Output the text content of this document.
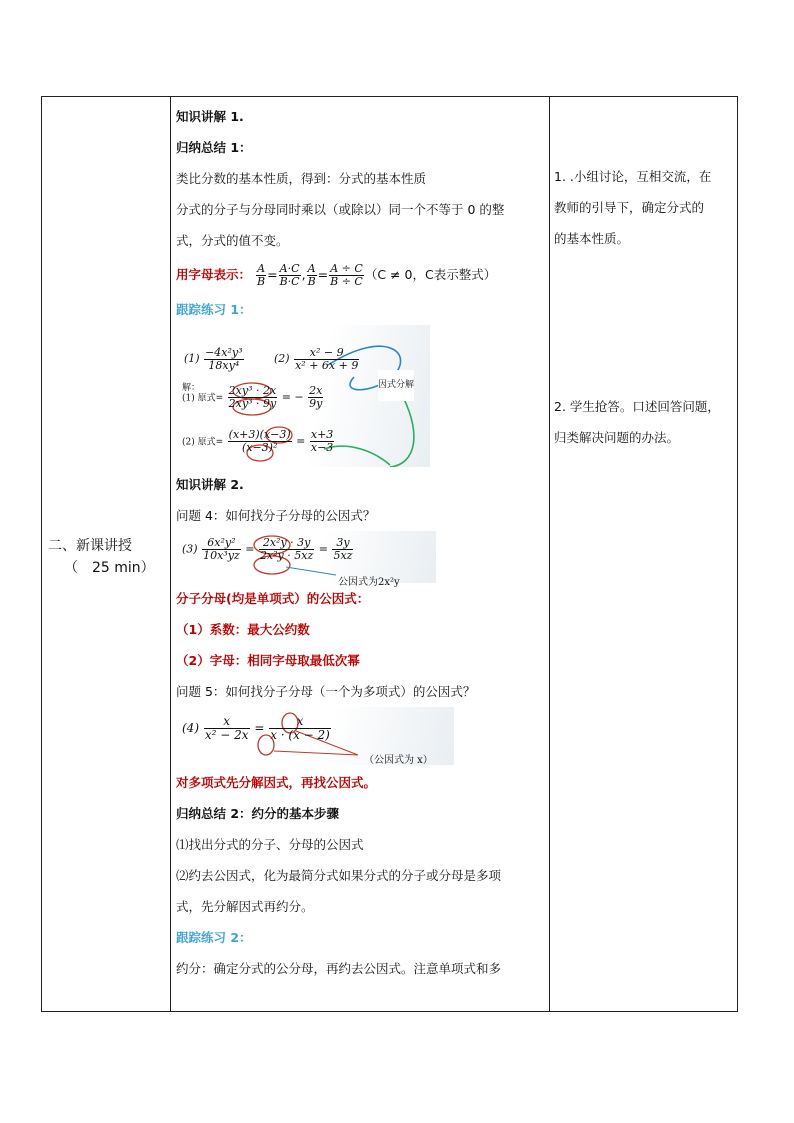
二、新课讲授
（　25 min）
知识讲解 1.
归纳总结 1：
类比分数的基本性质，得到：分式的基本性质
分式的分子与分母同时乘以（或除以）同一个不等于 0 的整
式，分式的值不变。
用字母表示： $\frac{A}{B} = \frac{A\cdot C}{B\cdot C}$ , $\frac{A}{B} = \frac{A \div C}{B \div C} (C \ne 0$，C表示整式）
跟踪练习 1：
$(1) \frac{\text{−4x²y³}}{\text{18xy⁴}}$	$(2) \frac{\text{x² − 9}}{\text{x² + 6x + 9}}$
解：	因式分解
(1) 原式= $\frac{\text{2xy³ · 2x}}{\text{2xy³ · 9y}}$ = − $\frac{2x}{9y}$
(2) 原式= $\frac{(x+3)(x-3)}{\text{(x−3)²}} = \frac{x+3}{x-3}$
知识讲解 2.
问题 4：如何找分子分母的公因式？
$(3) \frac{\text{6x²y²}}{\text{10x³yz}} = \frac{\text{2x²y · 3y}}{\text{2x²y · 5xz}} = \frac{3y}{5xz}$
公因式为2x²y
分子分母(均是单项式）的公因式：
（1）系数：最大公约数
（2）字母：相同字母取最低次幂
问题 5：如何找分子分母（一个为多项式）的公因式？
$(4) \frac{x}{\text{x² − 2x}} = \frac{x}{x \cdot (x - 2)}$
（公因式为 x）
对多项式先分解因式，再找公因式。
归纳总结 2：约分的基本步骤
⑴找出分式的分子、分母的公因式
⑵约去公因式，化为最简分式如果分式的分子或分母是多项
式，先分解因式再约分。
跟踪练习 2：
约分：确定分式的公分母，再约去公因式。注意单项式和多
1. .小组讨论，互相交流，在
教师的引导下，确定分式的
的基本性质。
2. 学生抢答。口述回答问题，
归类解决问题的办法。
